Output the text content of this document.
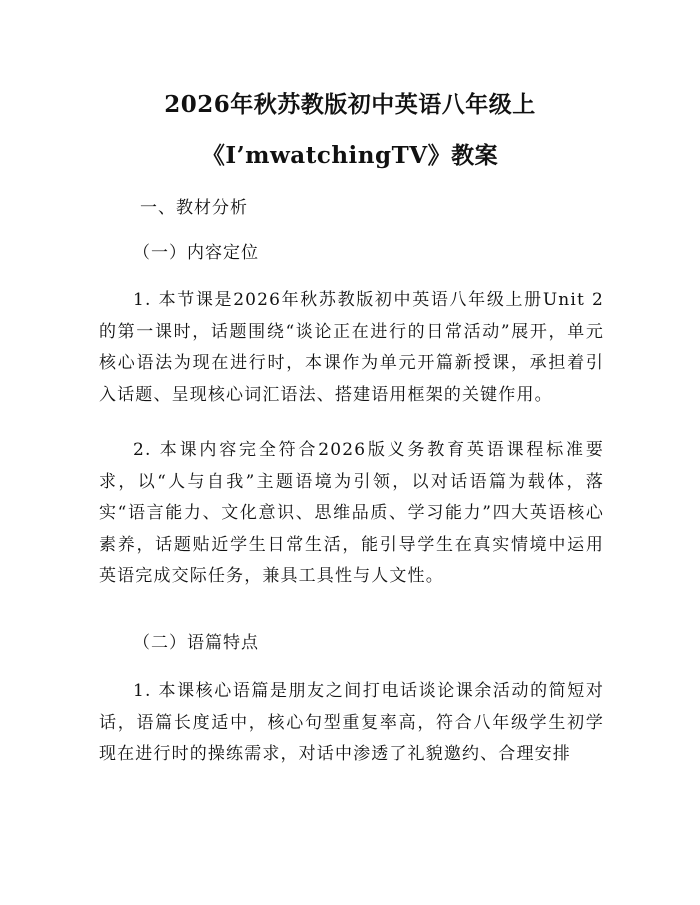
2026年秋苏教版初中英语八年级上
《I’mwatchingTV》教案
一、教材分析
（一）内容定位

1. 本节课是2026年秋苏教版初中英语八年级上册Unit 2的第一课时，话题围绕“谈论正在进行的日常活动”展开，单元核心语法为现在进行时，本课作为单元开篇新授课，承担着引入话题、呈现核心词汇语法、搭建语用框架的关键作用。

2. 本课内容完全符合2026版义务教育英语课程标准要求，以“人与自我”主题语境为引领，以对话语篇为载体，落实“语言能力、文化意识、思维品质、学习能力”四大英语核心素养，话题贴近学生日常生活，能引导学生在真实情境中运用英语完成交际任务，兼具工具性与人文性。

（二）语篇特点

1. 本课核心语篇是朋友之间打电话谈论课余活动的简短对话，语篇长度适中，核心句型重复率高，符合八年级学生初学现在进行时的操练需求，对话中渗透了礼貌邀约、合理安排
